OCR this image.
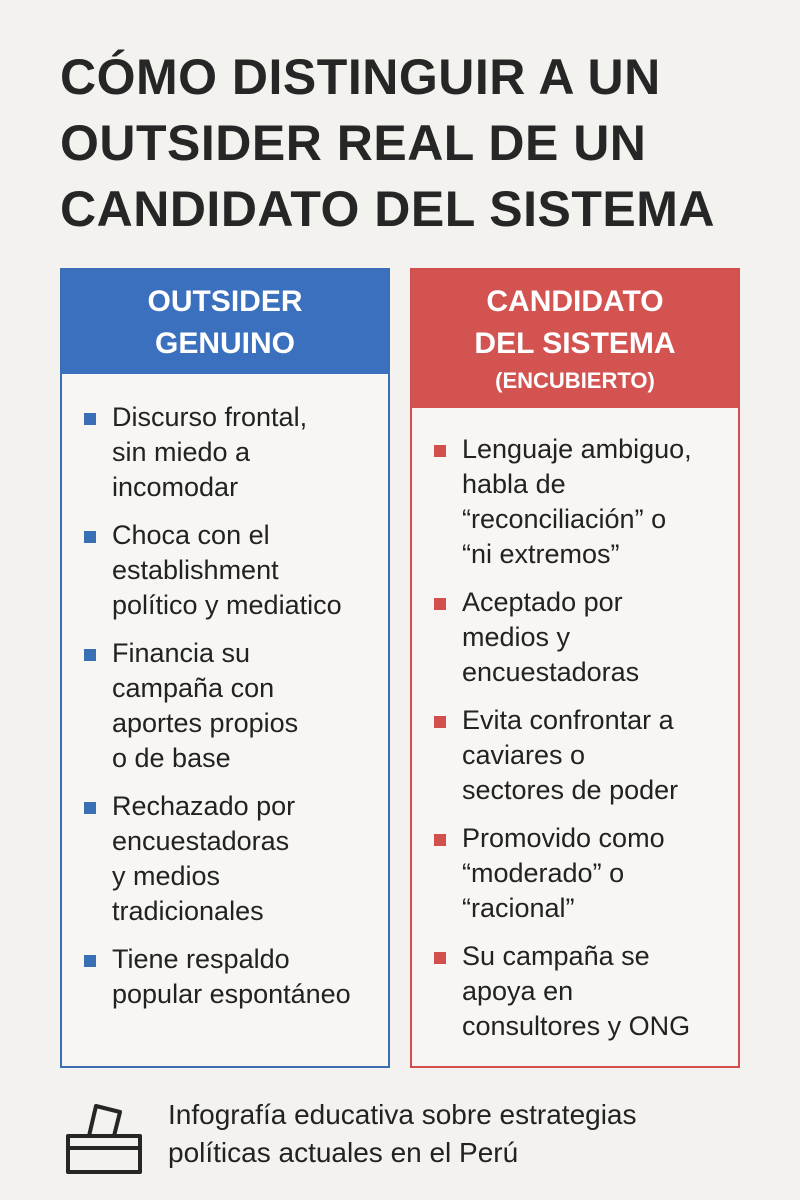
CÓMO DISTINGUIR A UN
OUTSIDER REAL DE UN
CANDIDATO DEL SISTEMA
OUTSIDER
GENUINO
Discurso frontal,
sin miedo a
incomodar
Choca con el
establishment
político y mediatico
Financia su
campaña con
aportes propios
o de base
Rechazado por
encuestadoras
y medios
tradicionales
Tiene respaldo
popular espontáneo
CANDIDATO
DEL SISTEMA
(ENCUBIERTO)
Lenguaje ambiguo,
habla de
“reconciliación” o
“ni extremos”
Aceptado por
medios y
encuestadoras
Evita confrontar a
caviares o
sectores de poder
Promovido como
“moderado” o
“racional”
Su campaña se
apoya en
consultores y ONG
Infografía educativa sobre estrategias
políticas actuales en el Perú
